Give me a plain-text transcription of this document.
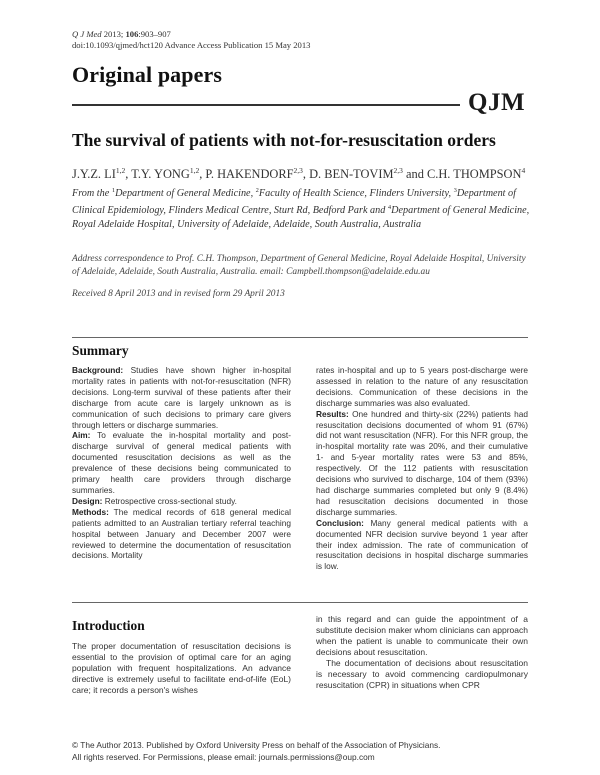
Q J Med 2013; 106:903–907
doi:10.1093/qjmed/hct120 Advance Access Publication 15 May 2013
Original papers
QJM
The survival of patients with not-for-resuscitation orders
J.Y.Z. LI$^{1,2}$, T.Y. YONG$^{1,2}$, P. HAKENDORF$^{2,3}$, D. BEN-TOVIM$^{2,3}$ and C.H. THOMPSON$^4$
From the $^1$Department of General Medicine, $^2$Faculty of Health Science, Flinders University, $^3$Department of Clinical Epidemiology, Flinders Medical Centre, Sturt Rd, Bedford Park and $^4$Department of General Medicine, Royal Adelaide Hospital, University of Adelaide, Adelaide, South Australia, Australia
Address correspondence to Prof. C.H. Thompson, Department of General Medicine, Royal Adelaide Hospital, University of Adelaide, Adelaide, South Australia, Australia. email: Campbell.thompson@adelaide.edu.au
Received 8 April 2013 and in revised form 29 April 2013
Summary

Background: Studies have shown higher in-hospital mortality rates in patients with not-for-resuscitation (NFR) decisions. Long-term survival of these patients after their discharge from acute care is largely unknown as is communication of such decisions to primary care givers through letters or discharge summaries.

Aim: To evaluate the in-hospital mortality and post-discharge survival of general medical patients with documented resuscitation decisions as well as the prevalence of these decisions being communicated to primary health care providers through discharge summaries.

Design: Retrospective cross-sectional study.

Methods: The medical records of 618 general medical patients admitted to an Australian tertiary referral teaching hospital between January and December 2007 were reviewed to determine the documentation of resuscitation decisions. Mortality

rates in-hospital and up to 5 years post-discharge were assessed in relation to the nature of any resuscitation decisions. Communication of these decisions in the discharge summaries was also evaluated.

Results: One hundred and thirty-six (22%) patients had resuscitation decisions documented of whom 91 (67%) did not want resuscitation (NFR). For this NFR group, the in-hospital mortality rate was 20%, and their cumulative 1- and 5-year mortality rates were 53 and 85%, respectively. Of the 112 patients with resuscitation decisions who survived to discharge, 104 of them (93%) had discharge summaries completed but only 9 (8.4%) had resuscitation decisions documented in those discharge summaries.

Conclusion: Many general medical patients with a documented NFR decision survive beyond 1 year after their index admission. The rate of communication of resuscitation decisions in hospital discharge summaries is low.

Introduction

The proper documentation of resuscitation decisions is essential to the provision of optimal care for an aging population with frequent hospitalizations. An advance directive is extremely useful to facilitate end-of-life (EoL) care; it records a person's wishes

in this regard and can guide the appointment of a substitute decision maker whom clinicians can approach when the patient is unable to communicate their own decisions about resuscitation.

The documentation of decisions about resuscitation is necessary to avoid commencing cardiopulmonary resuscitation (CPR) in situations when CPR

© The Author 2013. Published by Oxford University Press on behalf of the Association of Physicians.
All rights reserved. For Permissions, please email: journals.permissions@oup.com
